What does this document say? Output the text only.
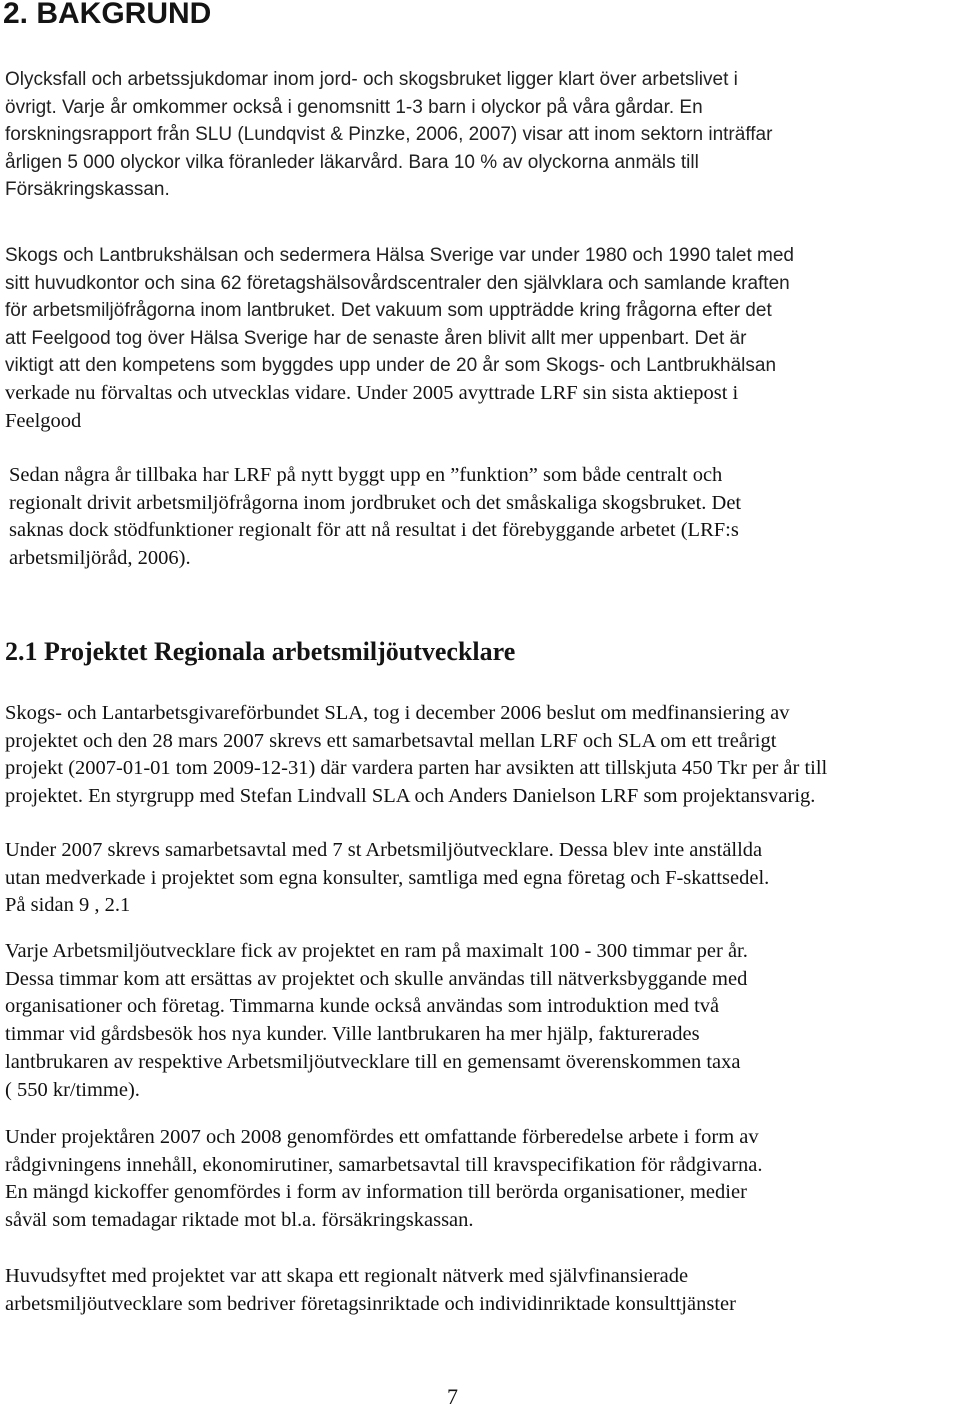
2. BAKGRUND
Olycksfall och arbetssjukdomar inom jord- och skogsbruket ligger klart över arbetslivet i
övrigt. Varje år omkommer också i genomsnitt 1-3 barn i olyckor på våra gårdar. En
forskningsrapport från SLU (Lundqvist & Pinzke, 2006, 2007) visar att inom sektorn inträffar
årligen 5 000 olyckor vilka föranleder läkarvård. Bara 10 % av olyckorna anmäls till
Försäkringskassan.
Skogs och Lantbrukshälsan och sedermera Hälsa Sverige var under 1980 och 1990 talet med
sitt huvudkontor och sina 62 företagshälsovårdscentraler den självklara och samlande kraften
för arbetsmiljöfrågorna inom lantbruket. Det vakuum som uppträdde kring frågorna efter det
att Feelgood tog över Hälsa Sverige har de senaste åren blivit allt mer uppenbart. Det är
viktigt att den kompetens som byggdes upp under de 20 år som Skogs- och Lantbrukhälsan
verkade nu förvaltas och utvecklas vidare. Under 2005 avyttrade LRF sin sista aktiepost i
Feelgood
Sedan några år tillbaka har LRF på nytt byggt upp en ”funktion” som både centralt och
regionalt drivit arbetsmiljöfrågorna inom jordbruket och det småskaliga skogsbruket. Det
saknas dock stödfunktioner regionalt för att nå resultat i det förebyggande arbetet (LRF:s
arbetsmiljöråd, 2006).
2.1 Projektet Regionala arbetsmiljöutvecklare
Skogs- och Lantarbetsgivareförbundet SLA, tog i december 2006 beslut om medfinansiering av
projektet och den 28 mars 2007 skrevs ett samarbetsavtal mellan LRF och SLA om ett treårigt
projekt (2007-01-01 tom 2009-12-31) där vardera parten har avsikten att tillskjuta 450 Tkr per år till
projektet. En styrgrupp med Stefan Lindvall SLA och Anders Danielson LRF som projektansvarig.
Under 2007 skrevs samarbetsavtal med 7 st Arbetsmiljöutvecklare. Dessa blev inte anställda
utan medverkade i projektet som egna konsulter, samtliga med egna företag och F-skattsedel.
På sidan 9 , 2.1
Varje Arbetsmiljöutvecklare fick av projektet en ram på maximalt 100 - 300 timmar per år.
Dessa timmar kom att ersättas av projektet och skulle användas till nätverksbyggande med
organisationer och företag. Timmarna kunde också användas som introduktion med två
timmar vid gårdsbesök hos nya kunder. Ville lantbrukaren ha mer hjälp, fakturerades
lantbrukaren av respektive Arbetsmiljöutvecklare till en gemensamt överenskommen taxa
( 550 kr/timme).
Under projektåren 2007 och 2008 genomfördes ett omfattande förberedelse arbete i form av
rådgivningens innehåll, ekonomirutiner, samarbetsavtal till kravspecifikation för rådgivarna.
En mängd kickoffer genomfördes i form av information till berörda organisationer, medier
såväl som temadagar riktade mot bl.a. försäkringskassan.
Huvudsyftet med projektet var att skapa ett regionalt nätverk med självfinansierade
arbetsmiljöutvecklare som bedriver företagsinriktade och individinriktade konsulttjänster
7
